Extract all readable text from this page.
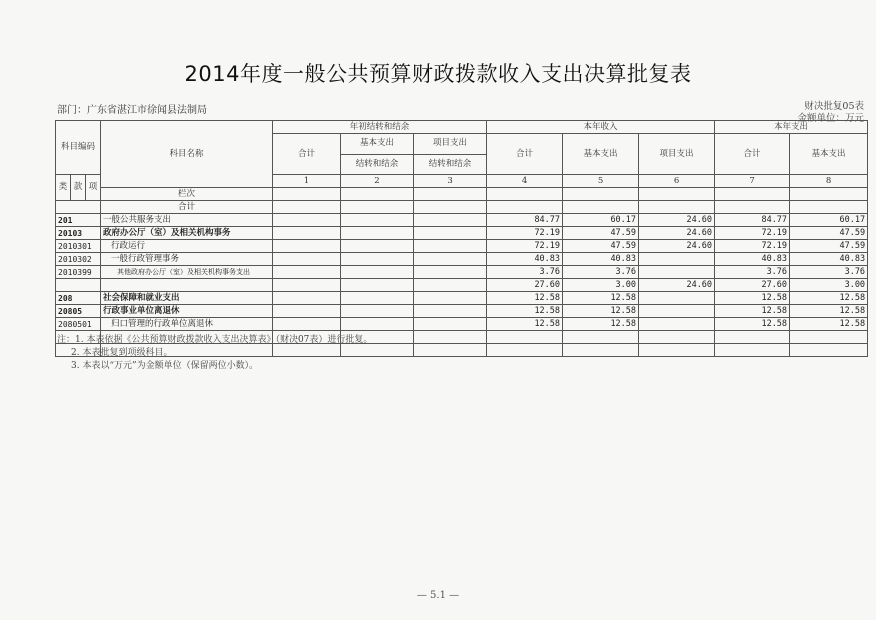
2014年度一般公共预算财政拨款收入支出决算批复表
部门：广东省湛江市徐闻县法制局	财决批复05表
金额单位：万元
科目编码			科目名称	年初结转和结余			本年收入			本年支出	
				合计	基本支出	项目支出	合计	基本支出	项目支出	合计	基本支出
					结转和结余	结转和结余					
类	款	项		1	2	3	4	5	6	7	8
			栏次								
			合计								
201			一般公共服务支出				84.77	60.17	24.60	84.77	60.17
20103			政府办公厅（室）及相关机构事务				72.19	47.59	24.60	72.19	47.59
2010301			行政运行				72.19	47.59	24.60	72.19	47.59
2010302			一般行政管理事务				40.83	40.83		40.83	40.83
2010399			其他政府办公厅（室）及相关机构事务支出				3.76	3.76		3.76	3.76
							27.60	3.00	24.60	27.60	3.00
208			社会保障和就业支出				12.58	12.58		12.58	12.58
20805			行政事业单位离退休				12.58	12.58		12.58	12.58
2080501			归口管理的行政单位离退休				12.58	12.58		12.58	12.58

注：1. 本表依据《公共预算财政拨款收入支出决算表》（财决07表）进行批复。
2. 本表批复到项级科目。
3. 本表以“万元”为金额单位（保留两位小数）。
— 5.1 —
